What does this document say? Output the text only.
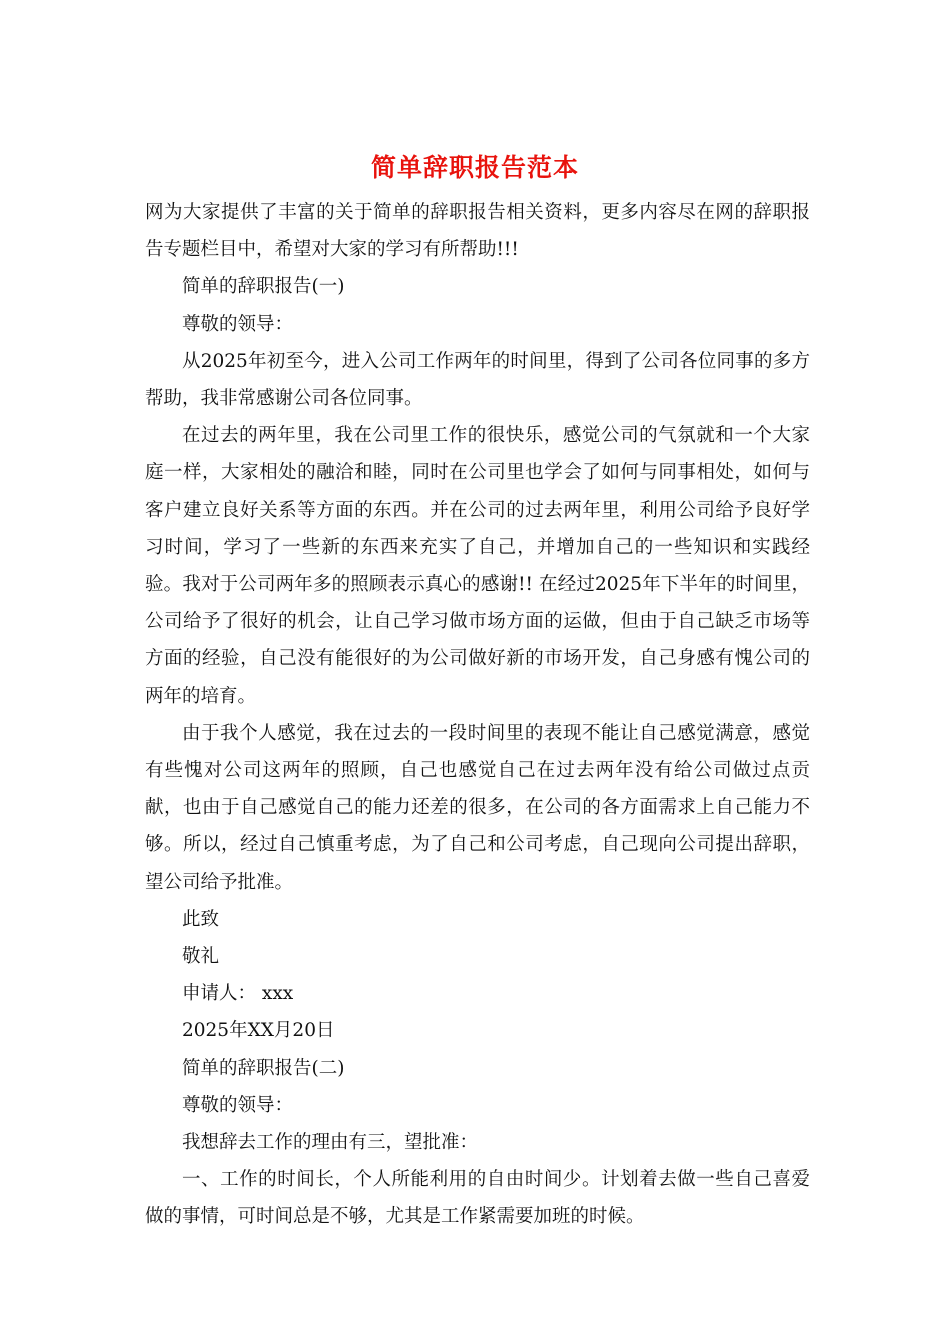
简单辞职报告范本

网为大家提供了丰富的关于简单的辞职报告相关资料，更多内容尽在网的辞职报告专题栏目中，希望对大家的学习有所帮助!!!

简单的辞职报告(一)

尊敬的领导：

从2025年初至今，进入公司工作两年的时间里，得到了公司各位同事的多方帮助，我非常感谢公司各位同事。

在过去的两年里，我在公司里工作的很快乐，感觉公司的气氛就和一个大家庭一样，大家相处的融洽和睦，同时在公司里也学会了如何与同事相处，如何与客户建立良好关系等方面的东西。并在公司的过去两年里，利用公司给予良好学习时间，学习了一些新的东西来充实了自己，并增加自己的一些知识和实践经验。我对于公司两年多的照顾表示真心的感谢!! 在经过2025年下半年的时间里，公司给予了很好的机会，让自己学习做市场方面的运做，但由于自己缺乏市场等方面的经验，自己没有能很好的为公司做好新的市场开发，自己身感有愧公司的两年的培育。

由于我个人感觉，我在过去的一段时间里的表现不能让自己感觉满意，感觉有些愧对公司这两年的照顾，自己也感觉自己在过去两年没有给公司做过点贡献，也由于自己感觉自己的能力还差的很多，在公司的各方面需求上自己能力不够。所以，经过自己慎重考虑，为了自己和公司考虑，自己现向公司提出辞职，望公司给予批准。

此致

敬礼

申请人： xxx

2025年XX月20日

简单的辞职报告(二)

尊敬的领导：

我想辞去工作的理由有三，望批准：

一、工作的时间长，个人所能利用的自由时间少。计划着去做一些自己喜爱做的事情，可时间总是不够，尤其是工作紧需要加班的时候。
